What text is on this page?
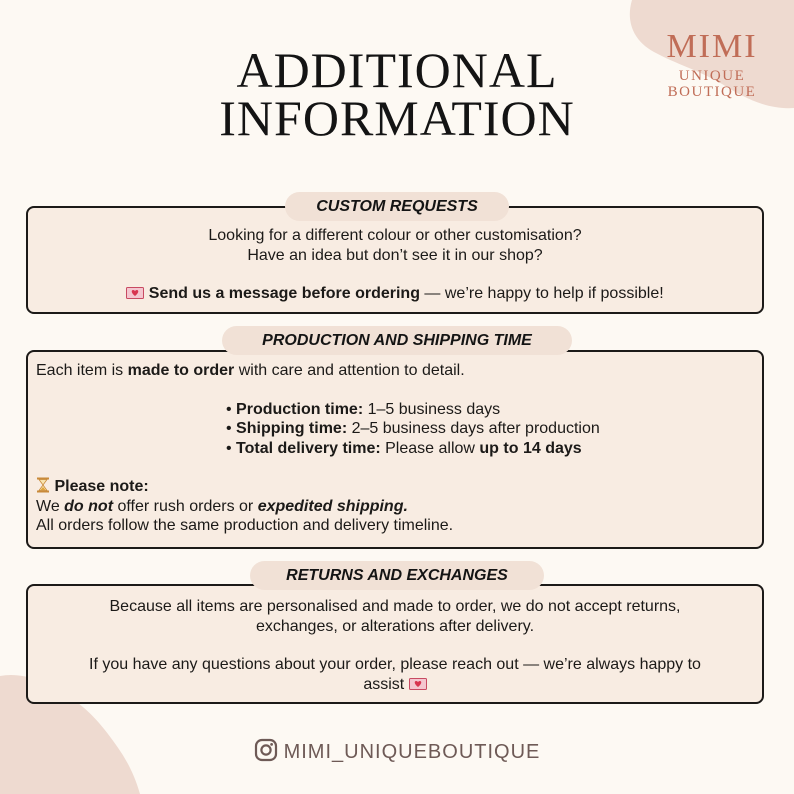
MIMI
UNIQUE
BOUTIQUE
ADDITIONAL
INFORMATION
CUSTOM REQUESTS
Looking for a different colour or other customisation?
Have an idea but don’t see it in our shop?
Send us a message before ordering — we’re happy to help if possible!
PRODUCTION AND SHIPPING TIME
Each item is made to order with care and attention to detail.
• Production time: 1–5 business days
• Shipping time: 2–5 business days after production
• Total delivery time: Please allow up to 14 days
Please note:
We do not offer rush orders or expedited shipping.
All orders follow the same production and delivery timeline.
RETURNS AND EXCHANGES
Because all items are personalised and made to order, we do not accept returns,
exchanges, or alterations after delivery.
If you have any questions about your order, please reach out — we’re always happy to
assist
MIMI_UNIQUEBOUTIQUE
